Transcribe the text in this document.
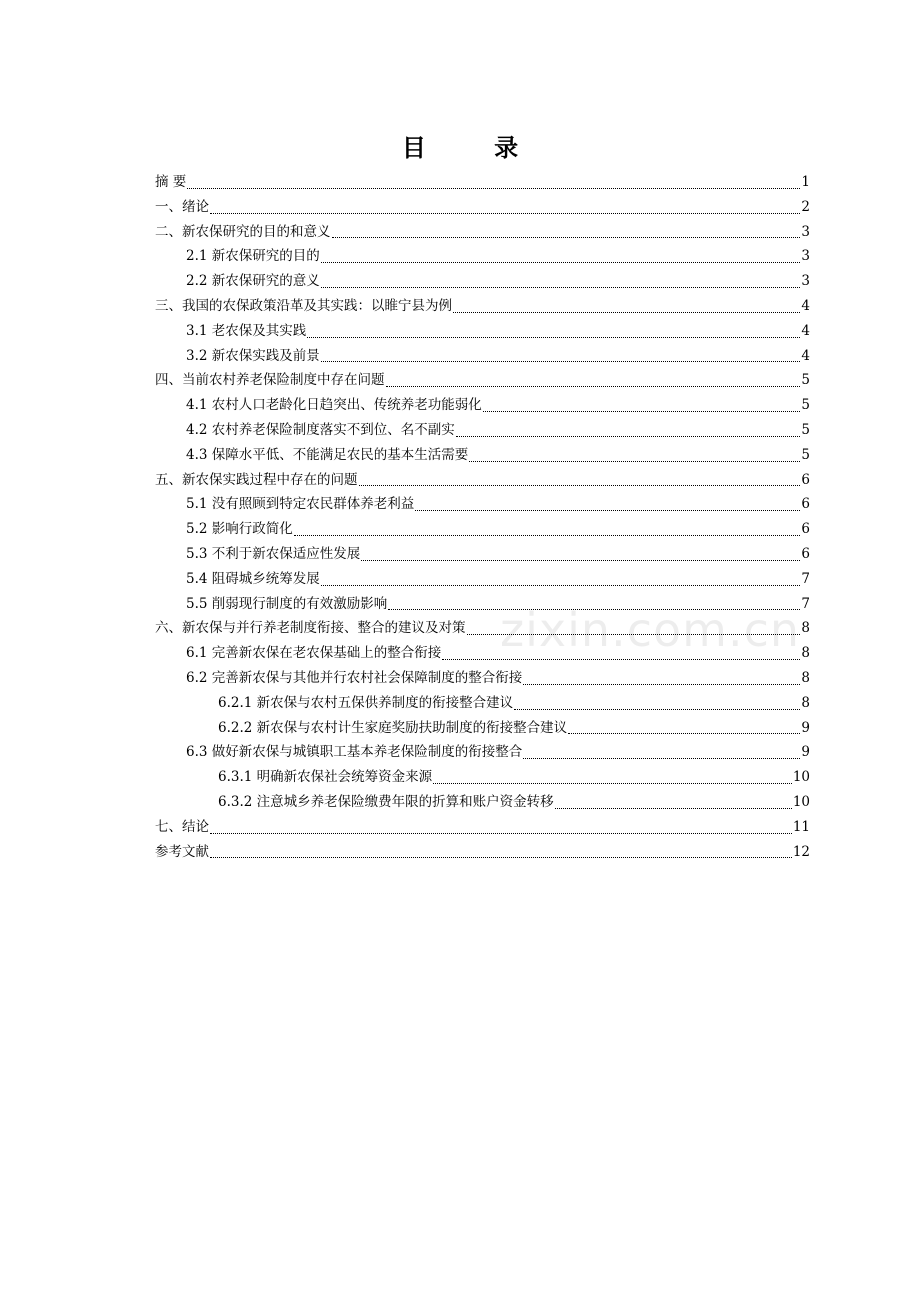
目 录
摘 要	1
一、绪论	2
二、新农保研究的目的和意义	3
2.1 新农保研究的目的	3
2.2 新农保研究的意义	3
三、我国的农保政策沿革及其实践：以睢宁县为例	4
3.1 老农保及其实践	4
3.2 新农保实践及前景	4
四、当前农村养老保险制度中存在问题	5
4.1 农村人口老龄化日趋突出、传统养老功能弱化	5
4.2 农村养老保险制度落实不到位、名不副实	5
4.3 保障水平低、不能满足农民的基本生活需要	5
五、新农保实践过程中存在的问题	6
5.1 没有照顾到特定农民群体养老利益	6
5.2 影响行政简化	6
5.3 不利于新农保适应性发展	6
5.4 阻碍城乡统筹发展	7
5.5 削弱现行制度的有效激励影响	7
六、新农保与并行养老制度衔接、整合的建议及对策	8
6.1 完善新农保在老农保基础上的整合衔接	8
6.2 完善新农保与其他并行农村社会保障制度的整合衔接	8
6.2.1 新农保与农村五保供养制度的衔接整合建议	8
6.2.2 新农保与农村计生家庭奖励扶助制度的衔接整合建议	9
6.3 做好新农保与城镇职工基本养老保险制度的衔接整合	9
6.3.1 明确新农保社会统筹资金来源	10
6.3.2 注意城乡养老保险缴费年限的折算和账户资金转移	10
七、结论	11
参考文献	12
zixin.com.cn
